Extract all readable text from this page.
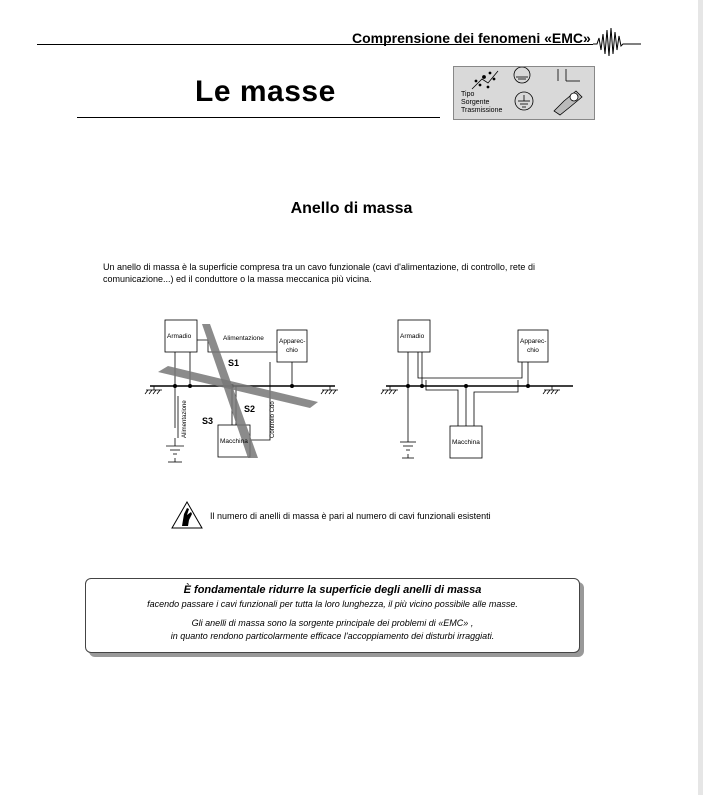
Comprensione dei fenomeni «EMC»
Le masse	Tipo
Sorgente
Trasmissione
Anello di massa
Un anello di massa è la superficie compresa tra un cavo funzionale (cavi d'alimentazione, di controllo, rete di comunicazione...) ed il conduttore o la massa meccanica più vicina.
Armadio	Alimentazione Apparec-
chio
S1
S2
S3
Alimentazione	Controllo Cdo
Macchina
Armadio
Apparec-
chio
Macchina
Il numero di anelli di massa è pari al numero di cavi funzionali esistenti
È fondamentale ridurre la superficie degli anelli di massa
facendo passare i cavi funzionali per tutta la loro lunghezza, il più vicino possibile alle masse.
Gli anelli di massa sono la sorgente principale dei problemi di «EMC» ,
in quanto rendono particolarmente efficace l'accoppiamento dei disturbi irraggiati.
